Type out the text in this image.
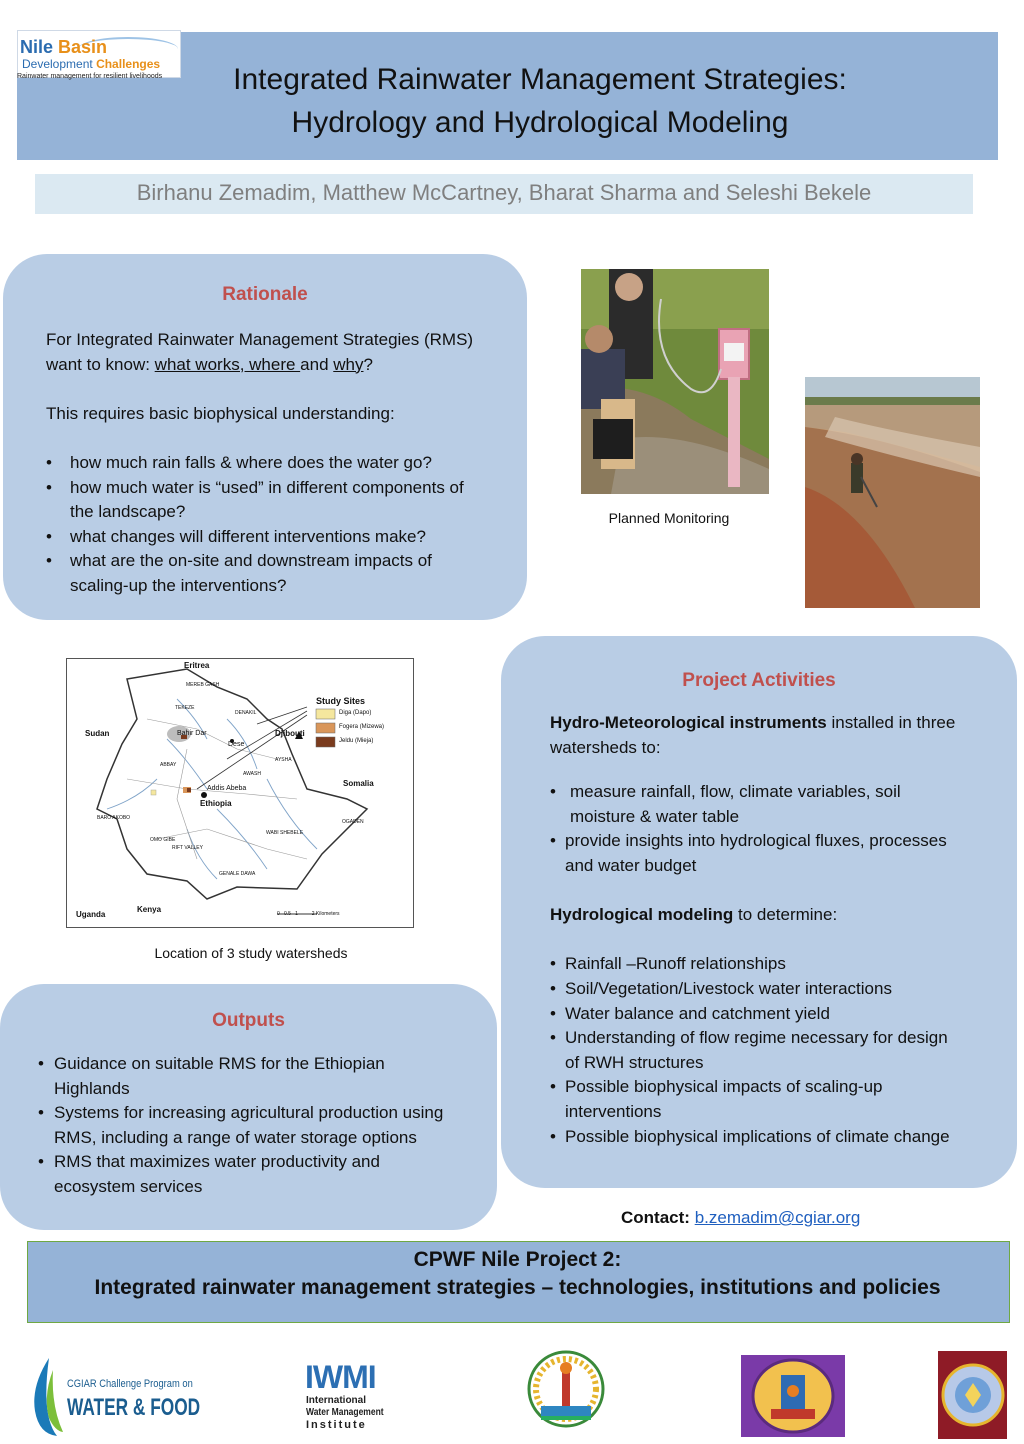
Nile Basin
Development Challenges
Rainwater management for resilient livelihoods	Integrated Rainwater Management Strategies:
Hydrology and Hydrological Modeling
Birhanu Zemadim, Matthew McCartney, Bharat Sharma and Seleshi Bekele
Rationale
For Integrated Rainwater Management Strategies (RMS) want to know: what works, where and why?
This requires basic biophysical understanding:
• how much rain falls & where does the water go?
• how much water is “used” in different components of the landscape?
• what changes will different interventions make?
• what are the on-site and downstream impacts of scaling-up the interventions?
Planned Monitoring
Eritrea
MEREB GASH
TEKEZE
DENAKIL
Sudan	Bahir Dar
Dese
Djibouti
AYSHA
ABBAY
AWASH
Somalia
Addis Abeba
Ethiopia
BARO AKOBO
OGADEN
WABI SHEBELE
OMO GIBE
RIFT VALLEY
GENALE DAWA
Kenya
Uganda	0   0.5   1          2 Kilometers
Study Sites
Diga (Dapo)
Fogera (Mizewa)
Jeldu (Mieja)
Location of 3 study watersheds
Project Activities
Hydro-Meteorological instruments installed in three watersheds to:
• measure rainfall, flow, climate variables, soil moisture & water table
• provide insights into hydrological fluxes, processes and water budget
Hydrological modeling to determine:
• Rainfall –Runoff relationships
• Soil/Vegetation/Livestock water interactions
• Water balance and catchment yield
• Understanding of flow regime necessary for design of RWH structures
• Possible biophysical impacts of scaling-up interventions
• Possible biophysical implications of climate change
Outputs
• Guidance on suitable RMS for the Ethiopian Highlands
• Systems for increasing agricultural production using RMS, including a range of water storage options
• RMS that maximizes water productivity and ecosystem services
Contact: b.zemadim@cgiar.org
CPWF Nile Project 2:
Integrated rainwater management strategies – technologies, institutions and policies
CGIAR Challenge Program on
WATER & FOOD
IWMI
International
Water Management
Institute
